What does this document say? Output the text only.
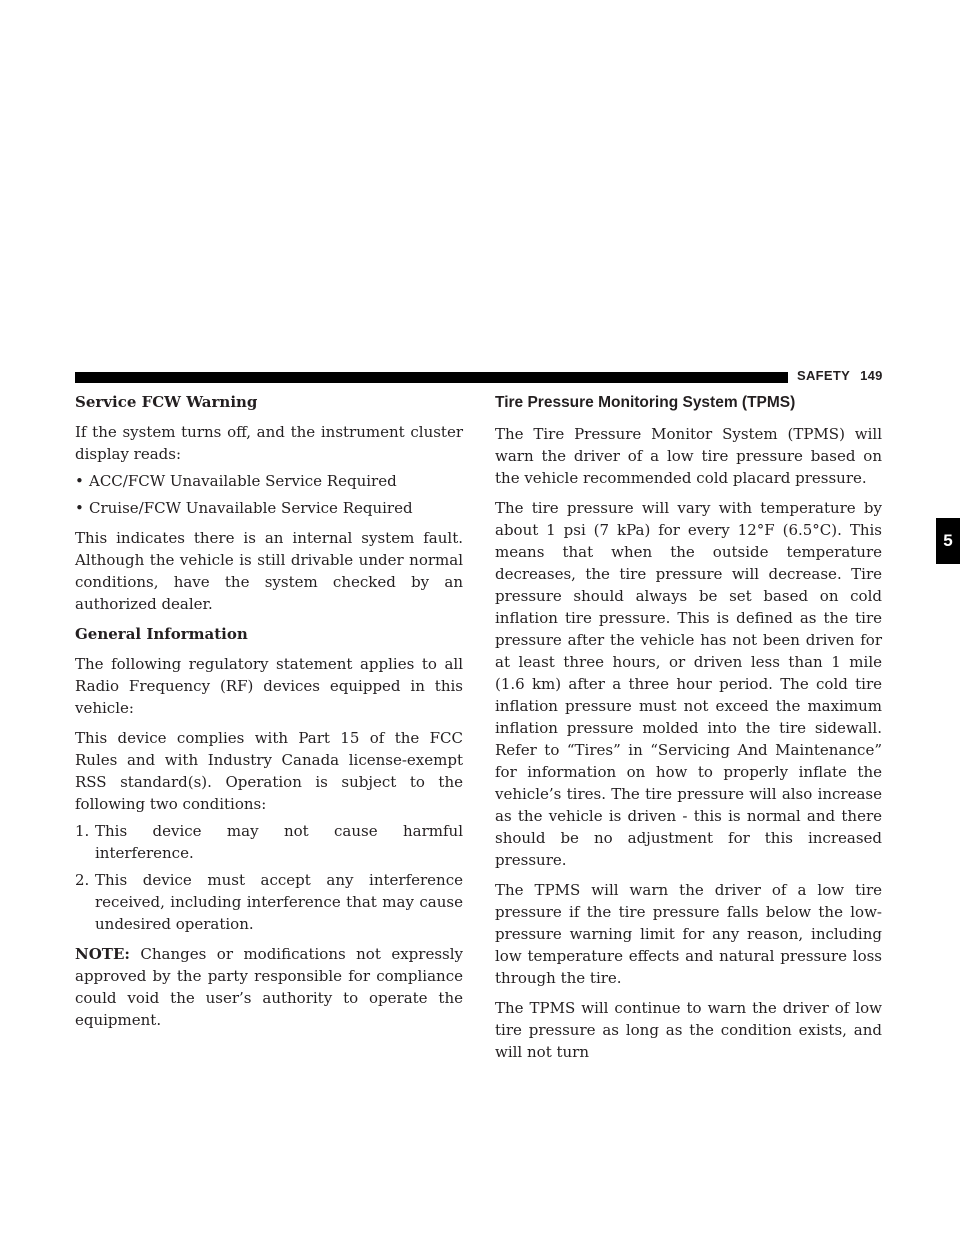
SAFETY 149
5
Service FCW Warning

If the system turns off, and the instrument cluster display reads:

• ACC/FCW Unavailable Service Required
• Cruise/FCW Unavailable Service Required

This indicates there is an internal system fault. Although the vehicle is still drivable under normal conditions, have the system checked by an authorized dealer.

General Information

The following regulatory statement applies to all Radio Frequency (RF) devices equipped in this vehicle:

This device complies with Part 15 of the FCC Rules and with Industry Canada license-exempt RSS standard(s). Operation is subject to the following two conditions:

1. This device may not cause harmful interference.

2. This device must accept any interference received, including interference that may cause undesired operation.

NOTE: Changes or modifications not expressly approved by the party responsible for compliance could void the user’s authority to operate the equipment.

Tire Pressure Monitoring System (TPMS)

The Tire Pressure Monitor System (TPMS) will warn the driver of a low tire pressure based on the vehicle recommended cold placard pressure.

The tire pressure will vary with temperature by about 1 psi (7 kPa) for every 12°F (6.5°C). This means that when the outside temperature decreases, the tire pressure will decrease. Tire pressure should always be set based on cold inflation tire pressure. This is defined as the tire pressure after the vehicle has not been driven for at least three hours, or driven less than 1 mile (1.6 km) after a three hour period. The cold tire inflation pressure must not exceed the maximum inflation pressure molded into the tire sidewall. Refer to “Tires” in “Servicing And Maintenance” for information on how to properly inflate the vehicle’s tires. The tire pressure will also increase as the vehicle is driven - this is normal and there should be no adjustment for this increased pressure.

The TPMS will warn the driver of a low tire pressure if the tire pressure falls below the low-pressure warning limit for any reason, including low temperature effects and natural pressure loss through the tire.

The TPMS will continue to warn the driver of low tire pressure as long as the condition exists, and will not turn
